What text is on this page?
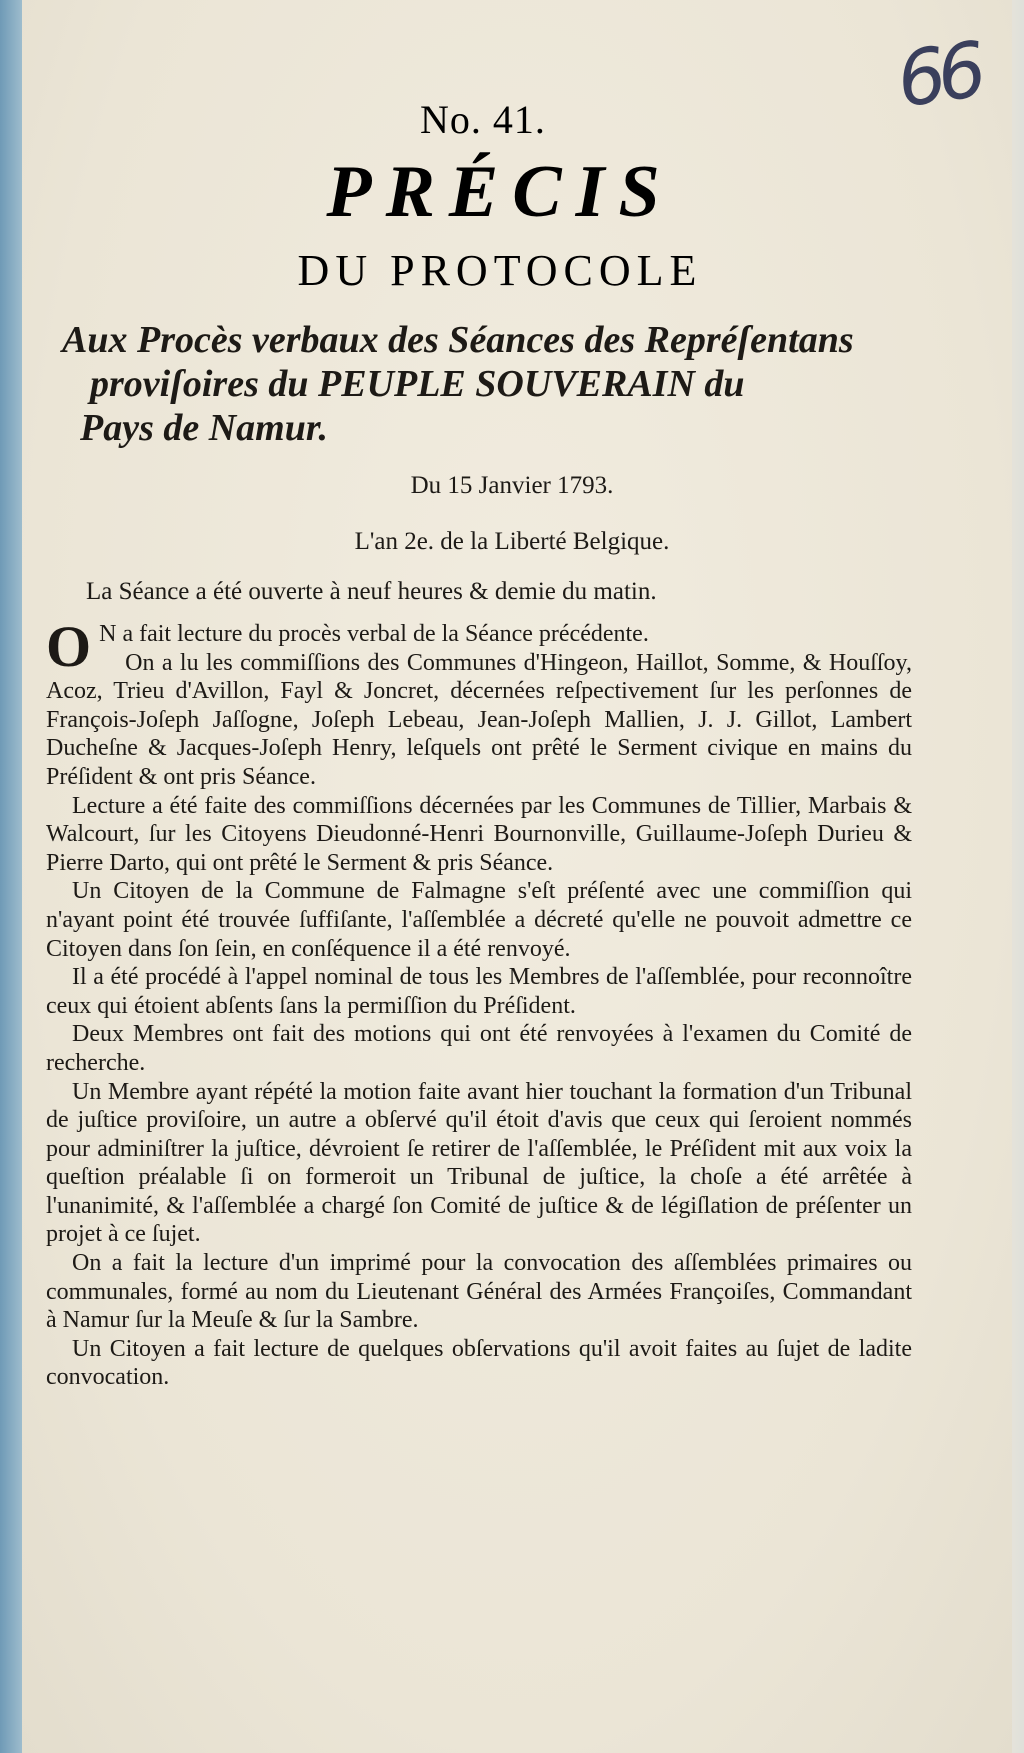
66
No. 41.
PRÉCIS
DU PROTOCOLE
Aux Procès verbaux des Séances des Repréſentans
proviſoires du PEUPLE SOUVERAIN du
Pays de Namur.
Du 15 Janvier 1793.
L'an 2e. de la Liberté Belgique.
La Séance a été ouverte à neuf heures & demie du matin.

O N a fait lecture du procès verbal de la Séance précédente.

On a lu les commiſſions des Communes d'Hingeon, Haillot, Somme, & Houſſoy, Acoz, Trieu d'Avillon, Fayl & Joncret, décernées reſpectivement ſur les perſonnes de François-Joſeph Jaſſogne, Joſeph Lebeau, Jean-Joſeph Mallien, J. J. Gillot, Lambert Ducheſne & Jacques-Joſeph Henry, leſquels ont prêté le Serment civique en mains du Préſident & ont pris Séance.

Lecture a été faite des commiſſions décernées par les Communes de Tillier, Marbais & Walcourt, ſur les Citoyens Dieudonné-Henri Bournonville, Guillaume-Joſeph Durieu & Pierre Darto, qui ont prêté le Serment & pris Séance.

Un Citoyen de la Commune de Falmagne s'eſt préſenté avec une commiſſion qui n'ayant point été trouvée ſuffiſante, l'aſſemblée a décreté qu'elle ne pouvoit admettre ce Citoyen dans ſon ſein, en conſéquence il a été renvoyé.

Il a été procédé à l'appel nominal de tous les Membres de l'aſſemblée, pour reconnoître ceux qui étoient abſents ſans la permiſſion du Préſident.

Deux Membres ont fait des motions qui ont été renvoyées à l'examen du Comité de recherche.

Un Membre ayant répété la motion faite avant hier touchant la formation d'un Tribunal de juſtice proviſoire, un autre a obſervé qu'il étoit d'avis que ceux qui ſeroient nommés pour adminiſtrer la juſtice, dévroient ſe retirer de l'aſſemblée, le Préſident mit aux voix la queſtion préalable ſi on formeroit un Tribunal de juſtice, la choſe a été arrêtée à l'unanimité, & l'aſſemblée a chargé ſon Comité de juſtice & de légiſlation de préſenter un projet à ce ſujet.

On a fait la lecture d'un imprimé pour la convocation des aſſemblées primaires ou communales, formé au nom du Lieutenant Général des Armées Françoiſes, Commandant à Namur ſur la Meuſe & ſur la Sambre.

Un Citoyen a fait lecture de quelques obſervations qu'il avoit faites au ſujet de ladite convocation.
